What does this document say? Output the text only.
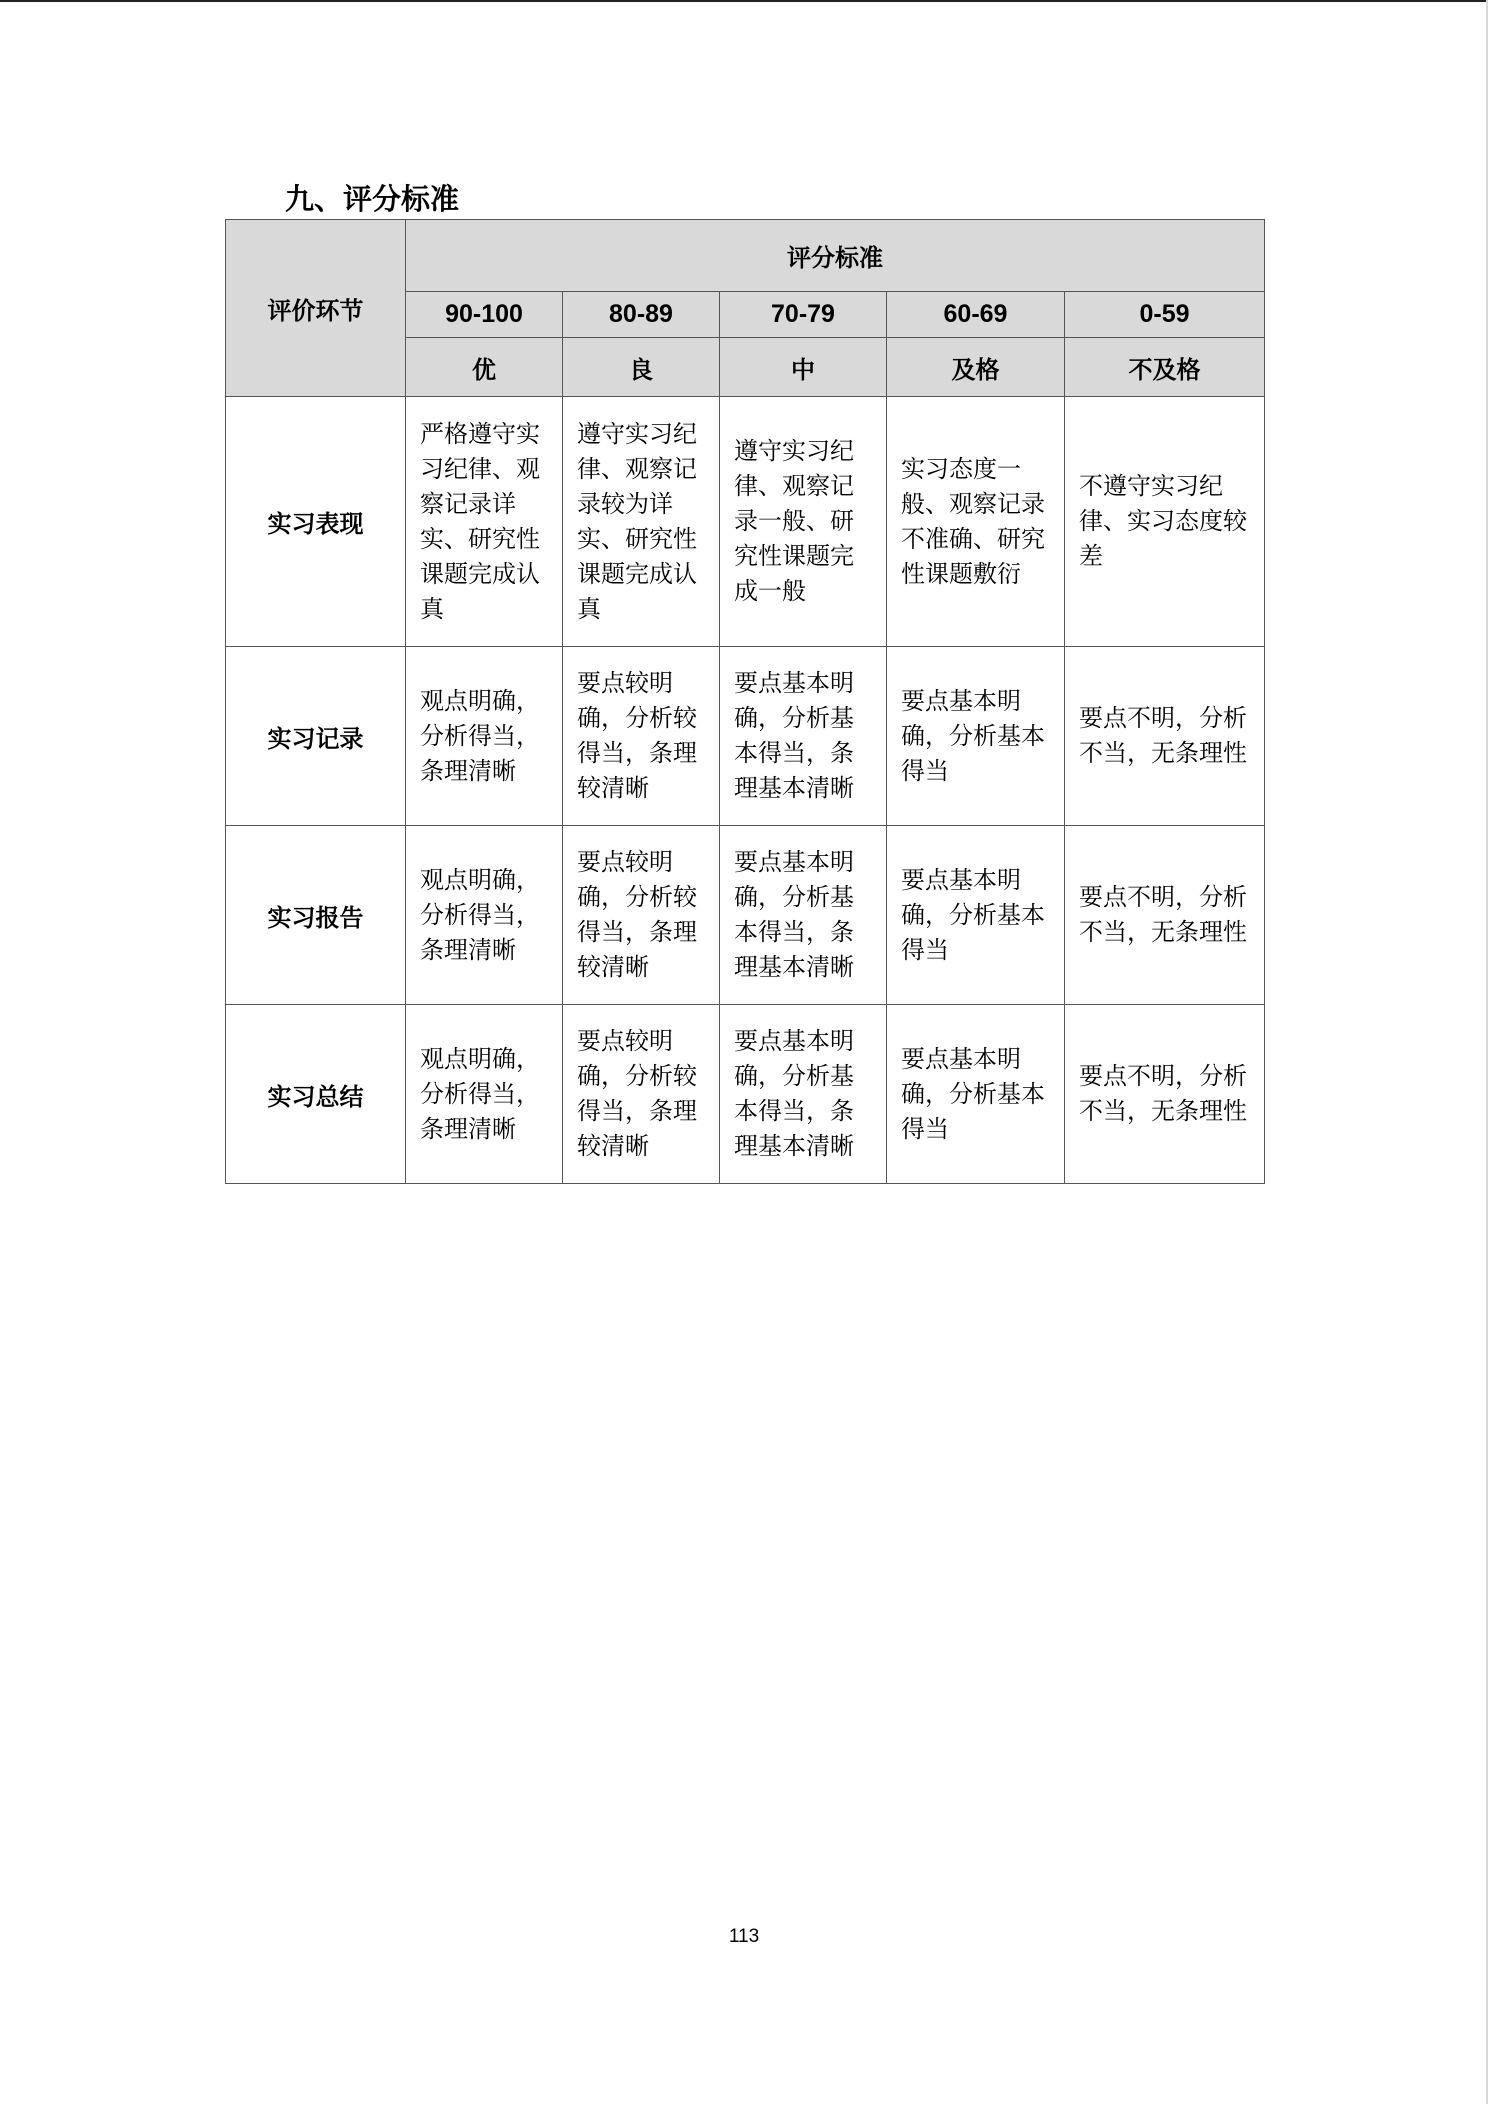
九、评分标准
评价环节	评分标准				
	90-100	80-89	70-79	60-69	0-59
	优	良	中	及格	不及格
实习表现	严格遵守实习纪律、观察记录详实、研究性课题完成认真	遵守实习纪律、观察记录较为详实、研究性课题完成认真	遵守实习纪律、观察记录一般、研究性课题完成一般	实习态度一般、观察记录不准确、研究性课题敷衍	不遵守实习纪律、实习态度较差
实习记录	观点明确，分析得当，条理清晰	要点较明确，分析较得当，条理较清晰	要点基本明确，分析基本得当，条理基本清晰	要点基本明确，分析基本得当	要点不明，分析不当，无条理性
实习报告	观点明确，分析得当，条理清晰	要点较明确，分析较得当，条理较清晰	要点基本明确，分析基本得当，条理基本清晰	要点基本明确，分析基本得当	要点不明，分析不当，无条理性
实习总结	观点明确，分析得当，条理清晰	要点较明确，分析较得当，条理较清晰	要点基本明确，分析基本得当，条理基本清晰	要点基本明确，分析基本得当	要点不明，分析不当，无条理性
113
